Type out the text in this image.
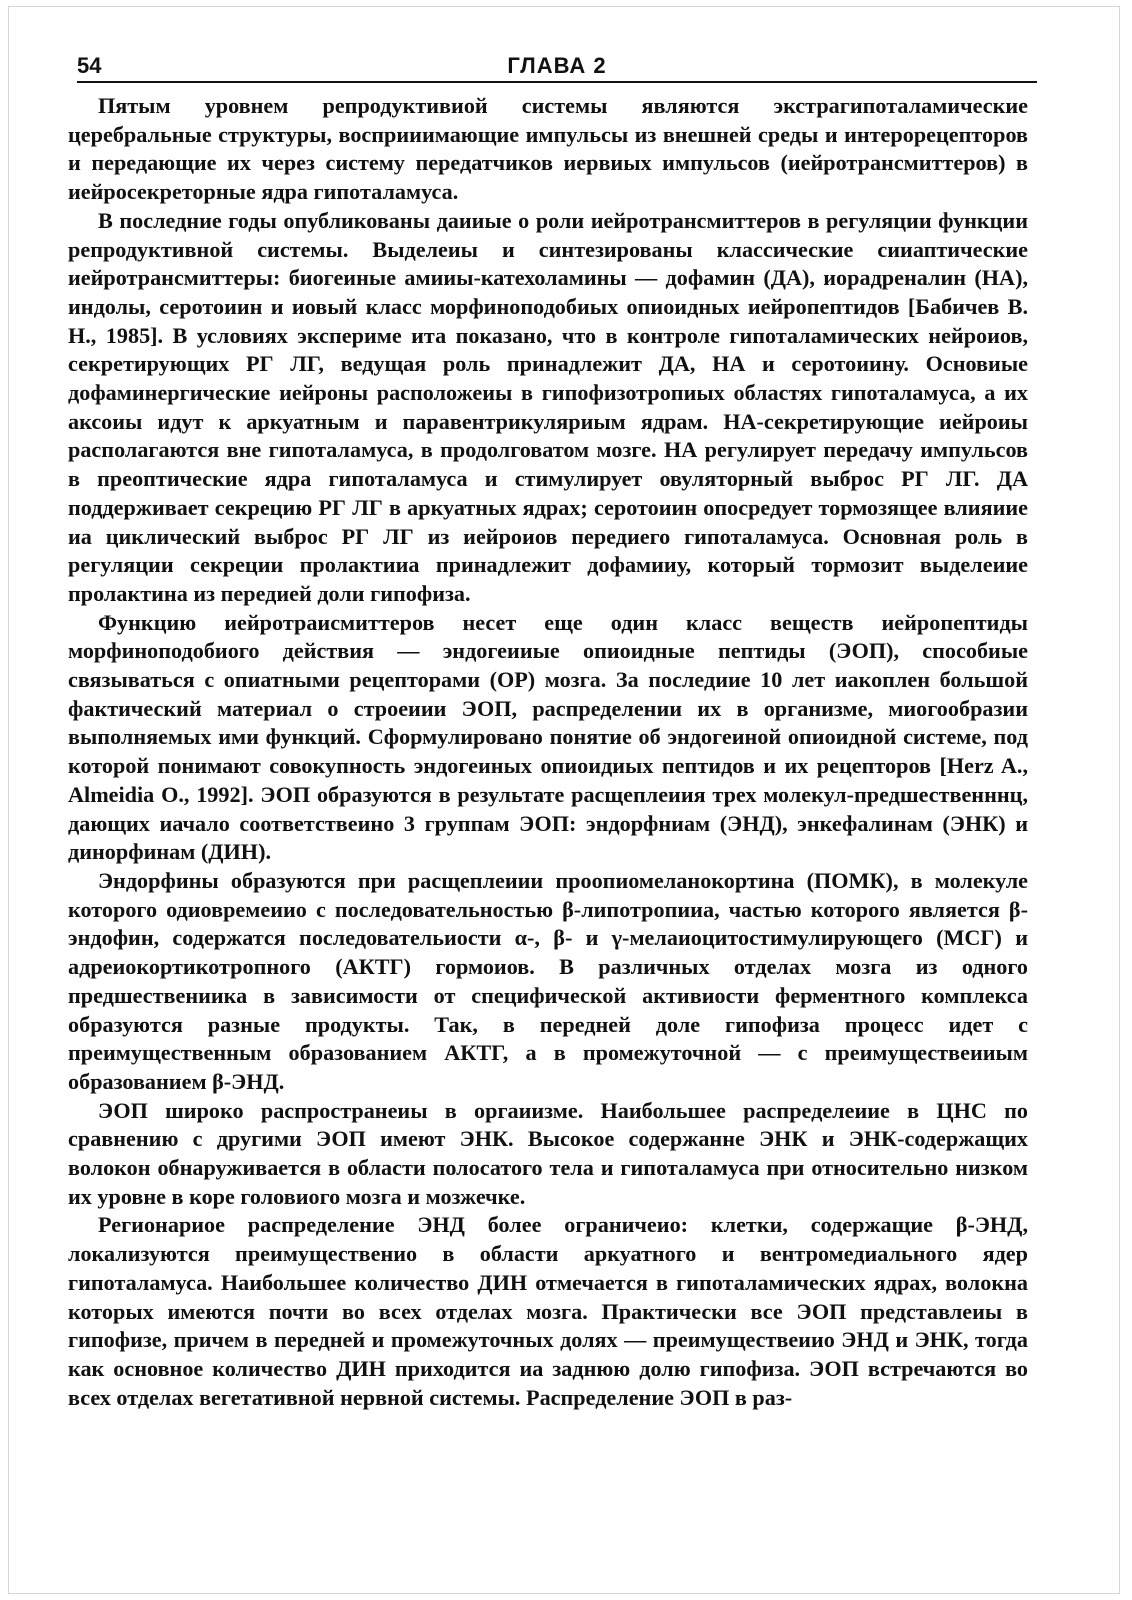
54	ГЛАВА 2

Пятым уровнем репродуктивиой системы являются экстрагипоталамические церебральные структуры, восприиимающие импульсы из внешней среды и интерорецепторов и передающие их через систему передатчиков иервиых импульсов (иейротрансмиттеров) в иейросекреторные ядра гипоталамуса.

В последние годы опубликованы даииые о роли иейротрансмиттеров в регуляции функции репродуктивной системы. Выделеиы и синтезированы классические сииаптические иейротрансмиттеры: биогеиные амииы-катехоламины — дофамин (ДА), иорадреналин (НА), индолы, серотоиин и иовый класс морфиноподобиых опиоидных иейропептидов [Бабичев В. Н., 1985]. В условиях экспериме ита показано, что в контроле гипоталамических нейроиов, секретирующих РГ ЛГ, ведущая роль принадлежит ДА, НА и серотоиину. Основиые дофаминергические иейроны расположеиы в гипофизотропиых областях гипоталамуса, а их аксоиы идут к аркуатным и паравентрикуляриым ядрам. НА-секретирующие иейроиы располагаются вне гипоталамуса, в продолговатом мозге. НА регулирует передачу импульсов в преоптические ядра гипоталамуса и стимулирует овуляторный выброс РГ ЛГ. ДА поддерживает секрецию РГ ЛГ в аркуатных ядрах; серотоиин опосредует тормозящее влияиие иа циклический выброс РГ ЛГ из иейроиов передиего гипоталамуса. Основная роль в регуляции секреции пролактииа принадлежит дофамииу, который тормозит выделеиие пролактина из передией доли гипофиза.

Функцию иейротраисмиттеров несет еще один класс веществ иейропептиды морфиноподобиого действия — эндогеииые опиоидные пептиды (ЭОП), способиые связываться с опиатными рецепторами (ОР) мозга. За последиие 10 лет иакоплен большой фактический материал о строеиии ЭОП, распределении их в организме, миогообразии выполняемых ими функций. Сформулировано понятие об эндогеиной опиоидной системе, под которой понимают совокупность эндогеиных опиоидиых пептидов и их рецепторов [Herz A., Almeidia O., 1992]. ЭОП образуются в результате расщеплеиия трех молекул-предшественннц, дающих иачало соответствеино 3 группам ЭОП: эндорфниам (ЭНД), энкефалинам (ЭНК) и динорфинам (ДИН).

Эндорфины образуются при расщеплеиии проопиомеланокортина (ПОМК), в молекуле которого одиовремеиио с последовательностью β-липотропииа, частью которого является β-эндофин, содержатся последовательиости α-, β- и γ-мелаиоцитостимулирующего (МСГ) и адреиокортикотропного (АКТГ) гормоиов. В различных отделах мозга из одного предшествениика в зависимости от специфической активиости ферментного комплекса образуются разные продукты. Так, в передней доле гипофиза процесс идет с преимущественным образованием АКТГ, а в промежуточной — с преимуществеииым образованием β-ЭНД.

ЭОП широко распространеиы в оргаиизме. Наибольшее распределеиие в ЦНС по сравнению с другими ЭОП имеют ЭНК. Высокое содержанне ЭНК и ЭНК-содержащих волокон обнаруживается в области полосатого тела и гипоталамуса при относительно низком их уровне в коре головиого мозга и мозжечке.

Регионариое распределение ЭНД более ограничеио: клетки, содержащие β-ЭНД, локализуются преимущественио в области аркуатного и вентромедиального ядер гипоталамуса. Наибольшее количество ДИН отмечается в гипоталамических ядрах, волокна которых имеются почти во всех отделах мозга. Практически все ЭОП представлеиы в гипофизе, причем в передней и промежуточных долях — преимуществеиио ЭНД и ЭНК, тогда как основное количество ДИН приходится иа заднюю долю гипофиза. ЭОП встречаются во всех отделах вегетативной нервной системы. Распределение ЭОП в раз-
